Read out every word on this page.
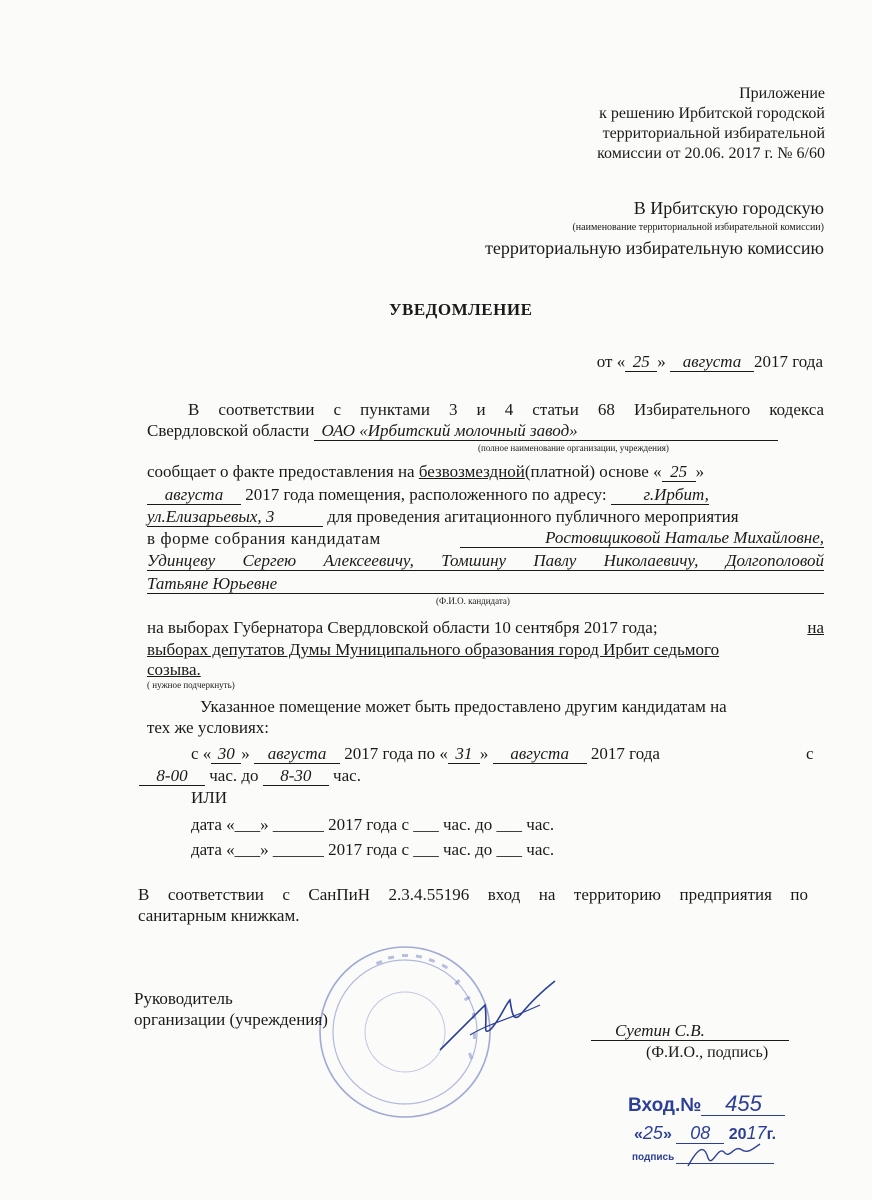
Приложение
к решению Ирбитской городской
территориальной избирательной
комиссии от 20.06. 2017 г. № 6/60
В Ирбитскую городскую
(наименование территориальной избирательной комиссии)
территориальную избирательную комиссию
УВЕДОМЛЕНИЕ
от « 25 » августа 2017 года
В соответствии с пунктами 3 и 4 статьи 68 Избирательного кодекса
Свердловской области ОАО «Ирбитский молочный завод»
(полное наименование организации, учреждения)
сообщает о факте предоставления на безвозмездной(платной) основе « 25 »
августа 2017 года помещения, расположенного по адресу: г.Ирбит,
ул.Елизарьевых, 3	для проведения агитационного публичного мероприятия
в форме собрания кандидатам	Ростовщиковой Наталье Михайловне,
Удинцеву Сергею Алексеевичу, Томшину Павлу Николаевичу, Долгополовой
Татьяне Юрьевне
(Ф.И.О. кандидата)
на выборах Губернатора Свердловской области 10 сентября 2017 года;	на
выборах депутатов Думы Муниципального образования город Ирбит седьмого
созыва.
( нужное подчеркнуть)
Указанное помещение может быть предоставлено другим кандидатам на
тех же условиях:
с « 30 » августа 2017 года по « 31 » августа 2017 года	с
8-00 час. до 8-30 час.
ИЛИ
дата «___» ______ 2017 года с ___ час. до ___ час.
дата «___» ______ 2017 года с ___ час. до ___ час.
В соответствии с СанПиН 2.3.4.55196 вход на территорию предприятия по
санитарным книжкам.
Руководитель
организации (учреждения)
Суетин С.В.
(Ф.И.О., подпись)
Вход.№ 455
«25» 08 2017г.
подпись
